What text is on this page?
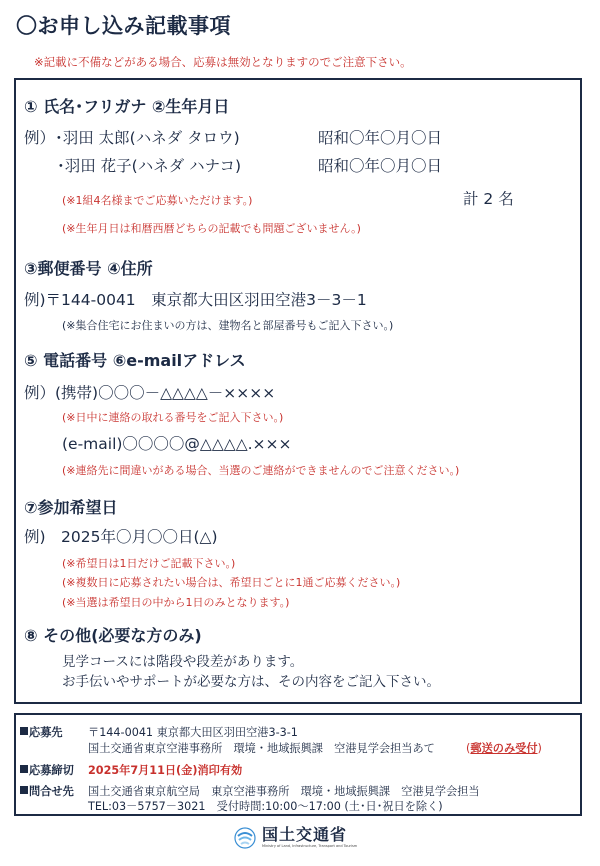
〇お申し込み記載事項
※記載に不備などがある場合、応募は無効となりますのでご注意下さい。
① 氏名･フリガナ ②生年月日
例）･羽田 太郎(ハネダ タロウ)	昭和〇年〇月〇日
･羽田 花子(ハネダ ハナコ)	昭和〇年〇月〇日
(※1組4名様までご応募いただけます。)	計 2 名
(※生年月日は和暦西暦どちらの記載でも問題ございません。)
③郵便番号 ④住所
例)〒144-0041　東京都大田区羽田空港3－3－1
(※集合住宅にお住まいの方は、建物名と部屋番号もご記入下さい。)
⑤ 電話番号 ⑥e-mailアドレス
例）(携帯)〇〇〇－△△△△－××××
(※日中に連絡の取れる番号をご記入下さい。)
(e-mail)〇〇〇〇@△△△△.×××
(※連絡先に間違いがある場合、当選のご連絡ができませんのでご注意ください。)
⑦参加希望日
例)　2025年〇月〇〇日(△)
(※希望日は1日だけご記載下さい。)
(※複数日に応募されたい場合は、希望日ごとに1通ご応募ください。)
(※当選は希望日の中から1日のみとなります。)
⑧ その他(必要な方のみ)
見学コースには階段や段差があります。
お手伝いやサポートが必要な方は、その内容をご記入下さい。
応募先 〒144-0041 東京都大田区羽田空港3-3-1
国土交通省東京空港事務所　環境・地域振興課　空港見学会担当あて	(郵送のみ受付)
応募締切 2025年7月11日(金)消印有効
問合せ先 国土交通省東京航空局　東京空港事務所　環境・地域振興課　空港見学会担当
TEL:03－5757－3021　受付時間:10:00～17:00 (土･日･祝日を除く)
国土交通省
Ministry of Land, Infrastructure, Transport and Tourism
